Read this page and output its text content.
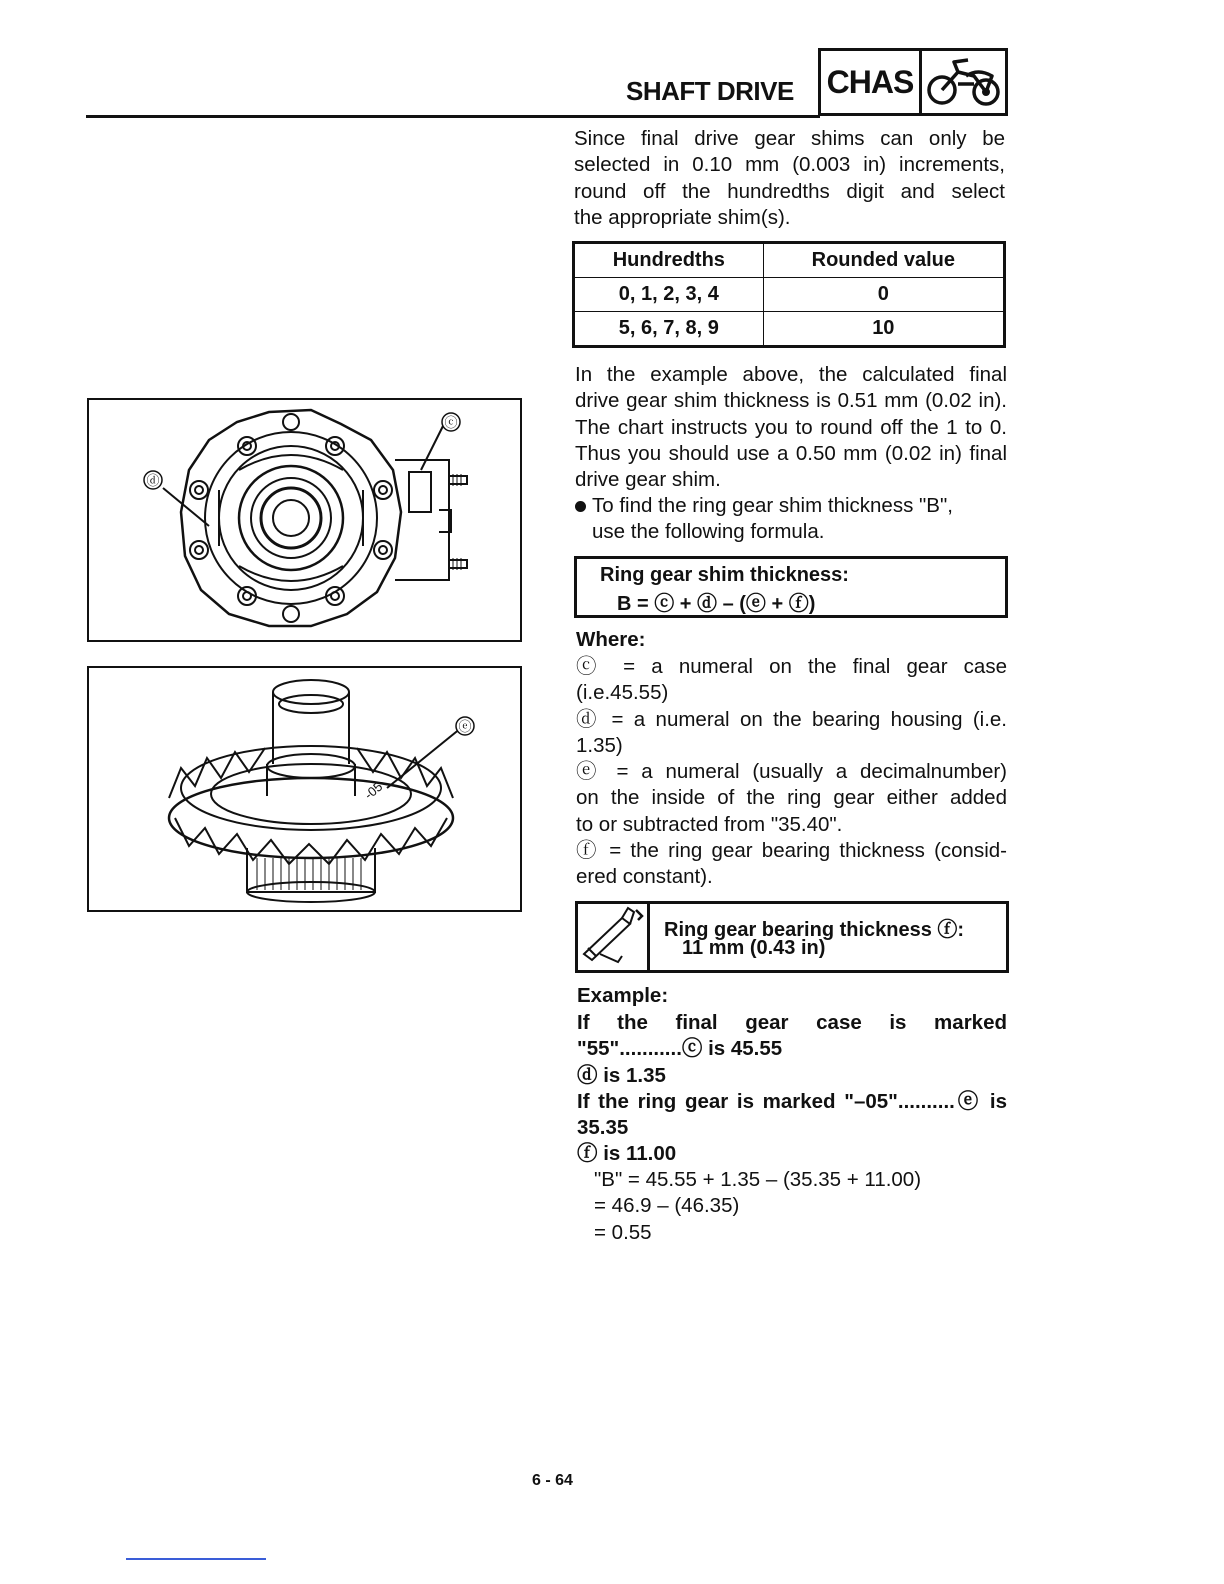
SHAFT DRIVE CHAS
Since final drive gear shims can only be
selected in 0.10 mm (0.003 in) increments,
round off the hundredths digit and select
the appropriate shim(s).
Hundredths	Rounded value
0, 1, 2, 3, 4	0
5, 6, 7, 8, 9	10
In the example above, the calculated final
drive gear shim thickness is 0.51 mm (0.02 in).
The chart instructs you to round off the 1 to 0.
Thus you should use a 0.50 mm (0.02 in) final
drive gear shim.
To find the ring gear shim thickness "B",
use the following formula.
Ring gear shim thickness:
B = ⓒ + ⓓ – (ⓔ + ⓕ)
Where:
ⓒ = a numeral on the final gear case
(i.e.45.55)
ⓓ = a numeral on the bearing housing (i.e.
1.35)
ⓔ = a numeral (usually a decimalnumber)
on the inside of the ring gear either added
to or subtracted from "35.40".
ⓕ = the ring gear bearing thickness (consid-
ered constant).
Ring gear bearing thickness ⓕ:
11 mm (0.43 in)
Example:
If the final gear case is marked
"55"...........ⓒ is 45.55
ⓓ is 1.35
If the ring gear is marked "–05"..........ⓔ is
35.35
ⓕ is 11.00
"B" = 45.55 + 1.35 – (35.35 + 11.00)
= 46.9 – (46.35)
= 0.55
ⓒ
ⓓ
-05
ⓔ
6 - 64
